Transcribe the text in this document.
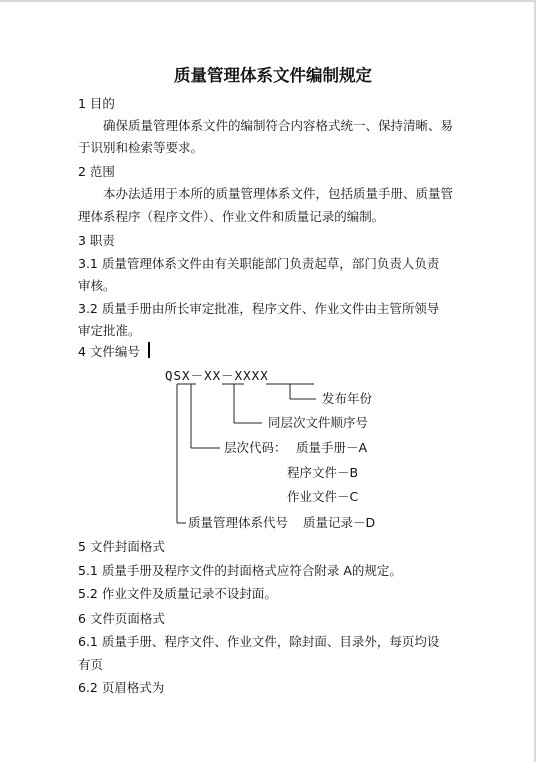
质量管理体系文件编制规定
1 目的
确保质量管理体系文件的编制符合内容格式统一、保持清晰、易
于识别和检索等要求。
2 范围
本办法适用于本所的质量管理体系文件，包括质量手册、质量管
理体系程序（程序文件）、作业文件和质量记录的编制。
3 职责
3.1 质量管理体系文件由有关职能部门负责起草，部门负责人负责
审核。
3.2 质量手册由所长审定批准，程序文件、作业文件由主管所领导
审定批准。
4 文件编号
QSX－XX－XXXX
发布年份
同层次文件顺序号
层次代码： 质量手册－A
程序文件－B
作业文件－C
质量管理体系代号 质量记录－D
5 文件封面格式
5.1 质量手册及程序文件的封面格式应符合附录 A的规定。
5.2 作业文件及质量记录不设封面。
6 文件页面格式
6.1 质量手册、程序文件、作业文件，除封面、目录外，每页均设
有页
6.2 页眉格式为
